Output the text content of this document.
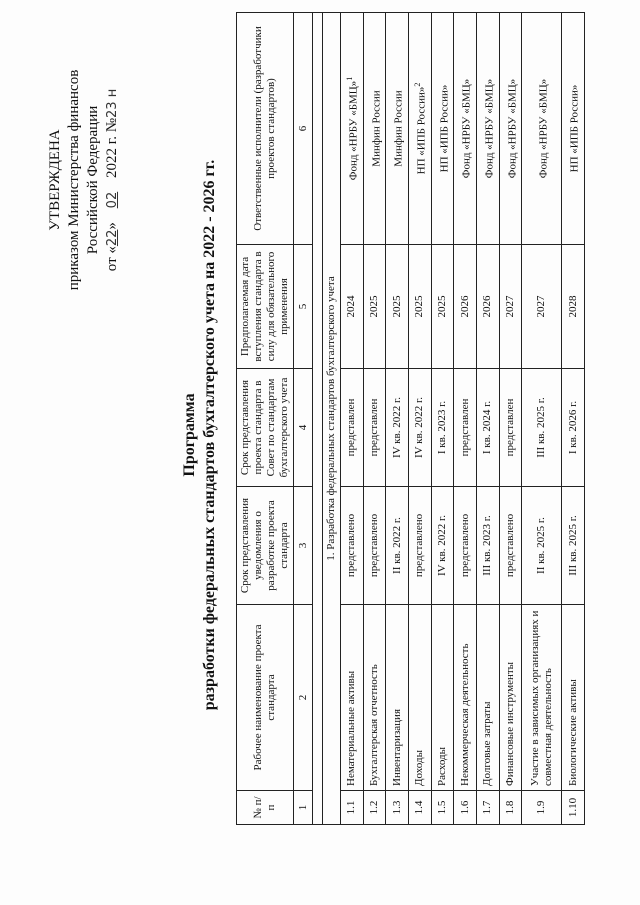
УТВЕРЖДЕНА приказом Министерства финансов Российской Федерации
от «22» 02 2022 г. №23 н
Программа разработки федеральных стандартов бухгалтерского учета на 2022 - 2026 гг.
№ п/п	Рабочее наименование проекта стандарта	Срок представления уведомления о разработке проекта стандарта	Срок представления проекта стандарта в Совет по стандартам бухгалтерского учета	Предполагаемая дата вступления стандарта в силу для обязательного применения	Ответственные исполнители (разработчики проектов стандартов)
1	2	3	4	5	6

1. Разработка федеральных стандартов бухгалтерского учета					
1.1	Нематериальные активы	представлено	представлен	2024	Фонд «НРБУ «БМЦ»$^1$
1.2	Бухгалтерская отчетность	представлено	представлен	2025	Минфин России
1.3	Инвентаризация	II кв. 2022 г.	IV кв. 2022 г.	2025	Минфин России
1.4	Доходы	представлено	IV кв. 2022 г.	2025	НП «ИПБ России»$^2$
1.5	Расходы	IV кв. 2022 г.	I кв. 2023 г.	2025	НП «ИПБ России»
1.6	Некоммерческая деятельность	представлено	представлен	2026	Фонд «НРБУ «БМЦ»
1.7	Долговые затраты	III кв. 2023 г.	I кв. 2024 г.	2026	Фонд «НРБУ «БМЦ»
1.8	Финансовые инструменты	представлено	представлен	2027	Фонд «НРБУ «БМЦ»
1.9	Участие в зависимых организациях и совместная деятельность	II кв. 2025 г.	III кв. 2025 г.	2027	Фонд «НРБУ «БМЦ»
1.10	Биологические активы	III кв. 2025 г.	I кв. 2026 г.	2028	НП «ИПБ России»
